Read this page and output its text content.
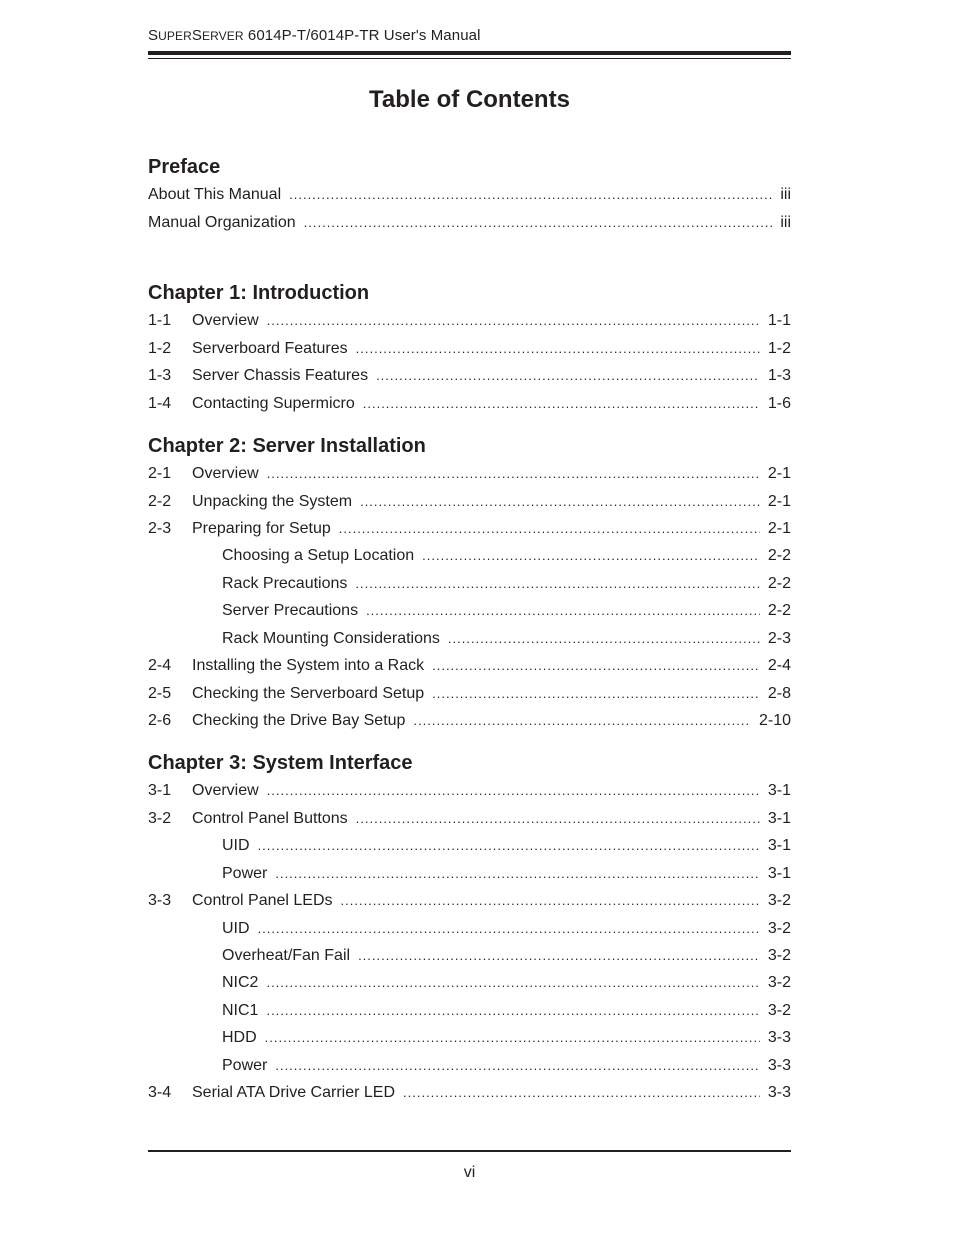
SUPERSERVER 6014P-T/6014P-TR User's Manual
Table of Contents
Preface
About This Manual .....	iii
Manual Organization .....	iii
Chapter 1: Introduction
1-1	Overview .....	1-1
1-2	Serverboard Features .....	1-2
1-3	Server Chassis Features .....	1-3
1-4	Contacting Supermicro .....	1-6
Chapter 2: Server Installation
2-1	Overview .....	2-1
2-2	Unpacking the System .....	2-1
2-3	Preparing for Setup .....	2-1
Choosing a Setup Location .....	2-2
Rack Precautions .....	2-2
Server Precautions .....	2-2
Rack Mounting Considerations .....	2-3
2-4	Installing the System into a Rack .....	2-4
2-5	Checking the Serverboard Setup .....	2-8
2-6	Checking the Drive Bay Setup .....	2-10
Chapter 3: System Interface
3-1	Overview .....	3-1
3-2	Control Panel Buttons .....	3-1
UID .....	3-1
Power .....	3-1
3-3	Control Panel LEDs .....	3-2
UID .....	3-2
Overheat/Fan Fail .....	3-2
NIC2 .....	3-2
NIC1 .....	3-2
HDD .....	3-3
Power .....	3-3
3-4	Serial ATA Drive Carrier LED .....	3-3
vi
